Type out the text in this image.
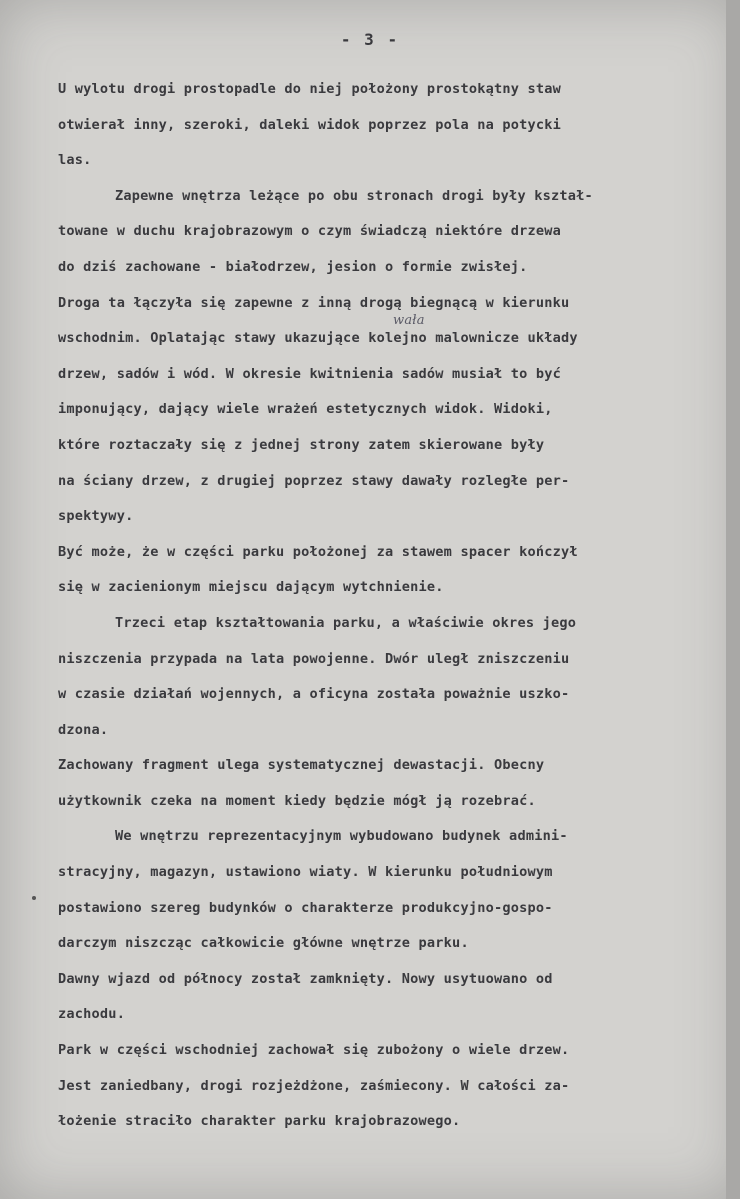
- 3 -
U wylotu drogi prostopadle do niej położony prostokątny staw
otwierał inny, szeroki, daleki widok poprzez pola na potycki
las.
Zapewne wnętrza leżące po obu stronach drogi były kształ-
towane w duchu krajobrazowym o czym świadczą niektóre drzewa
do dziś zachowane - białodrzew, jesion o formie zwisłej.
Droga ta łączyła się zapewne z inną drogą biegnącą w kierunku
wschodnim. Oplatając stawy ukazujące kolejno malownicze układy
wała
drzew, sadów i wód. W okresie kwitnienia sadów musiał to być
imponujący, dający wiele wrażeń estetycznych widok. Widoki,
które roztaczały się z jednej strony zatem skierowane były
na ściany drzew, z drugiej poprzez stawy dawały rozległe per-
spektywy.
Być może, że w części parku położonej za stawem spacer kończył
się w zacienionym miejscu dającym wytchnienie.
Trzeci etap kształtowania parku, a właściwie okres jego
niszczenia przypada na lata powojenne. Dwór uległ zniszczeniu
w czasie działań wojennych, a oficyna została poważnie uszko-
dzona.
Zachowany fragment ulega systematycznej dewastacji. Obecny
użytkownik czeka na moment kiedy będzie mógł ją rozebrać.
We wnętrzu reprezentacyjnym wybudowano budynek admini-
stracyjny, magazyn, ustawiono wiaty. W kierunku południowym
postawiono szereg budynków o charakterze produkcyjno-gospo-
darczym niszcząc całkowicie główne wnętrze parku.
Dawny wjazd od północy został zamknięty. Nowy usytuowano od
zachodu.
Park w części wschodniej zachował się zubożony o wiele drzew.
Jest zaniedbany, drogi rozjeżdżone, zaśmiecony. W całości za-
łożenie straciło charakter parku krajobrazowego.
